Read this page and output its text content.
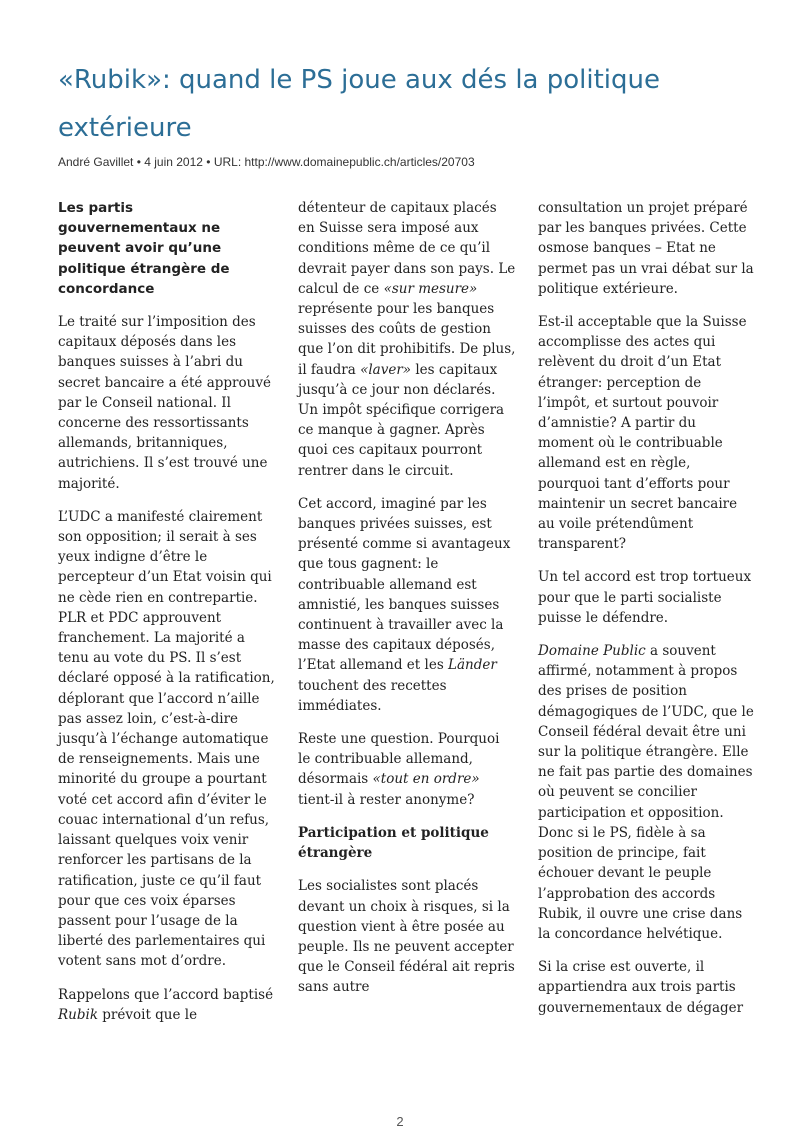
«Rubik»: quand le PS joue aux dés la politique extérieure
André Gavillet • 4 juin 2012 • URL: http://www.domainepublic.ch/articles/20703

Les partis gouvernementaux ne peuvent avoir qu’une politique étrangère de concordance

Le traité sur l’imposition des capitaux déposés dans les banques suisses à l’abri du secret bancaire a été approuvé par le Conseil national. Il concerne des ressortissants allemands, britanniques, autrichiens. Il s’est trouvé une majorité.

L’UDC a manifesté clairement son opposition; il serait à ses yeux indigne d’être le percepteur d’un Etat voisin qui ne cède rien en contrepartie. PLR et PDC approuvent franchement. La majorité a tenu au vote du PS. Il s’est déclaré opposé à la ratification, déplorant que l’accord n’aille pas assez loin, c’est-à-dire jusqu’à l’échange automatique de renseignements. Mais une minorité du groupe a pourtant voté cet accord afin d’éviter le couac international d’un refus, laissant quelques voix venir renforcer les partisans de la ratification, juste ce qu’il faut pour que ces voix éparses passent pour l’usage de la liberté des parlementaires qui votent sans mot d’ordre.

Rappelons que l’accord baptisé Rubik prévoit que le

détenteur de capitaux placés en Suisse sera imposé aux conditions même de ce qu’il devrait payer dans son pays. Le calcul de ce «sur mesure» représente pour les banques suisses des coûts de gestion que l’on dit prohibitifs. De plus, il faudra «laver» les capitaux jusqu’à ce jour non déclarés. Un impôt spécifique corrigera ce manque à gagner. Après quoi ces capitaux pourront rentrer dans le circuit.

Cet accord, imaginé par les banques privées suisses, est présenté comme si avantageux que tous gagnent: le contribuable allemand est amnistié, les banques suisses continuent à travailler avec la masse des capitaux déposés, l’Etat allemand et les Länder touchent des recettes immédiates.

Reste une question. Pourquoi le contribuable allemand, désormais «tout en ordre» tient-il à rester anonyme?

Participation et politique étrangère

Les socialistes sont placés devant un choix à risques, si la question vient à être posée au peuple. Ils ne peuvent accepter que le Conseil fédéral ait repris sans autre

consultation un projet préparé par les banques privées. Cette osmose banques – Etat ne permet pas un vrai débat sur la politique extérieure.

Est-il acceptable que la Suisse accomplisse des actes qui relèvent du droit d’un Etat étranger: perception de l’impôt, et surtout pouvoir d’amnistie? A partir du moment où le contribuable allemand est en règle, pourquoi tant d’efforts pour maintenir un secret bancaire au voile prétendûment transparent?

Un tel accord est trop tortueux pour que le parti socialiste puisse le défendre.

Domaine Public a souvent affirmé, notamment à propos des prises de position démagogiques de l’UDC, que le Conseil fédéral devait être uni sur la politique étrangère. Elle ne fait pas partie des domaines où peuvent se concilier participation et opposition. Donc si le PS, fidèle à sa position de principe, fait échouer devant le peuple l’approbation des accords Rubik, il ouvre une crise dans la concordance helvétique.

Si la crise est ouverte, il appartiendra aux trois partis gouvernementaux de dégager

2
